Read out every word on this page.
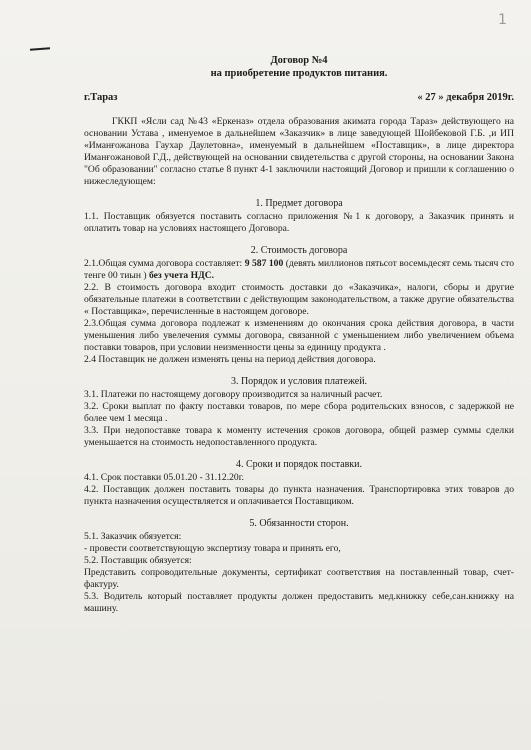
1
Договор №4
на приобретение продуктов питания.
г.Тараз	« 27 » декабря 2019г.

ГККП «Ясли сад №43 «Еркеназ» отдела образования акимата города Тараз» действующего на основании Устава , именуемое в дальнейшем «Заказчик» в лице заведующей Шойбековой Г.Б. ,и ИП «Иманғожанова Гаухар Даулетовна», именуемый в дальнейшем «Поставщик», в лице директора Иманғожановой Г.Д., действующей на основании свидетельства с другой стороны, на основании Закона "Об образовании" согласно статье 8 пункт 4-1 заключили настоящий Договор и пришли к соглашению о нижеследующем:

1. Предмет договора

1.1. Поставщик обязуется поставить согласно приложения №1 к договору, а Заказчик принять и оплатить товар на условиях настоящего Договора.

2. Стоимость договора

2.1.Общая сумма договора составляет: 9 587 100 (девять миллионов пятьсот восемьдесят семь тысяч сто тенге 00 тиын ) без учета НДС.

2.2. В стоимость договора входит стоимость доставки до «Заказчика», налоги, сборы и другие обязательные платежи в соответствии с действующим законодательством, а также другие обязательства « Поставщика», перечисленные в настоящем договоре.

2.3.Общая сумма договора подлежат к изменениям до окончания срока действия договора, в части уменьшения либо увелечения суммы договора, связанной с уменьшением либо увеличением объема поставки товаров, при условии неизменности цены за единицу продукта .

2.4 Поставщик не должен изменять цены на период действия договора.

3. Порядок и условия платежей.

3.1. Платежи по настоящему договору производится за наличный расчет.

3.2. Сроки выплат по факту поставки товаров, по мере сбора родительских взносов, с задержкой не более чем 1 месяца .

3.3. При недопоставке товара к моменту истечения сроков договора, общей размер суммы сделки уменьшается на стоимость недопоставленного продукта.

4. Сроки и порядок поставки.

4.1. Срок поставки 05.01.20 - 31.12.20г.

4.2. Поставщик должен поставить товары до пункта назначения. Транспортировка этих товаров до пункта назначения осуществляется и оплачивается Поставщиком.

5. Обязанности сторон.

5.1. Заказчик обязуется:

- провести соответствующую экспертизу товара и принять его,

5.2. Поставщик обязуется:

Представить сопроводительные документы, сертификат соответствия на поставленный товар, счет-фактуру.

5.3. Водитель который поставляет продукты должен предоставить мед.книжку себе,сан.книжку на машину.
